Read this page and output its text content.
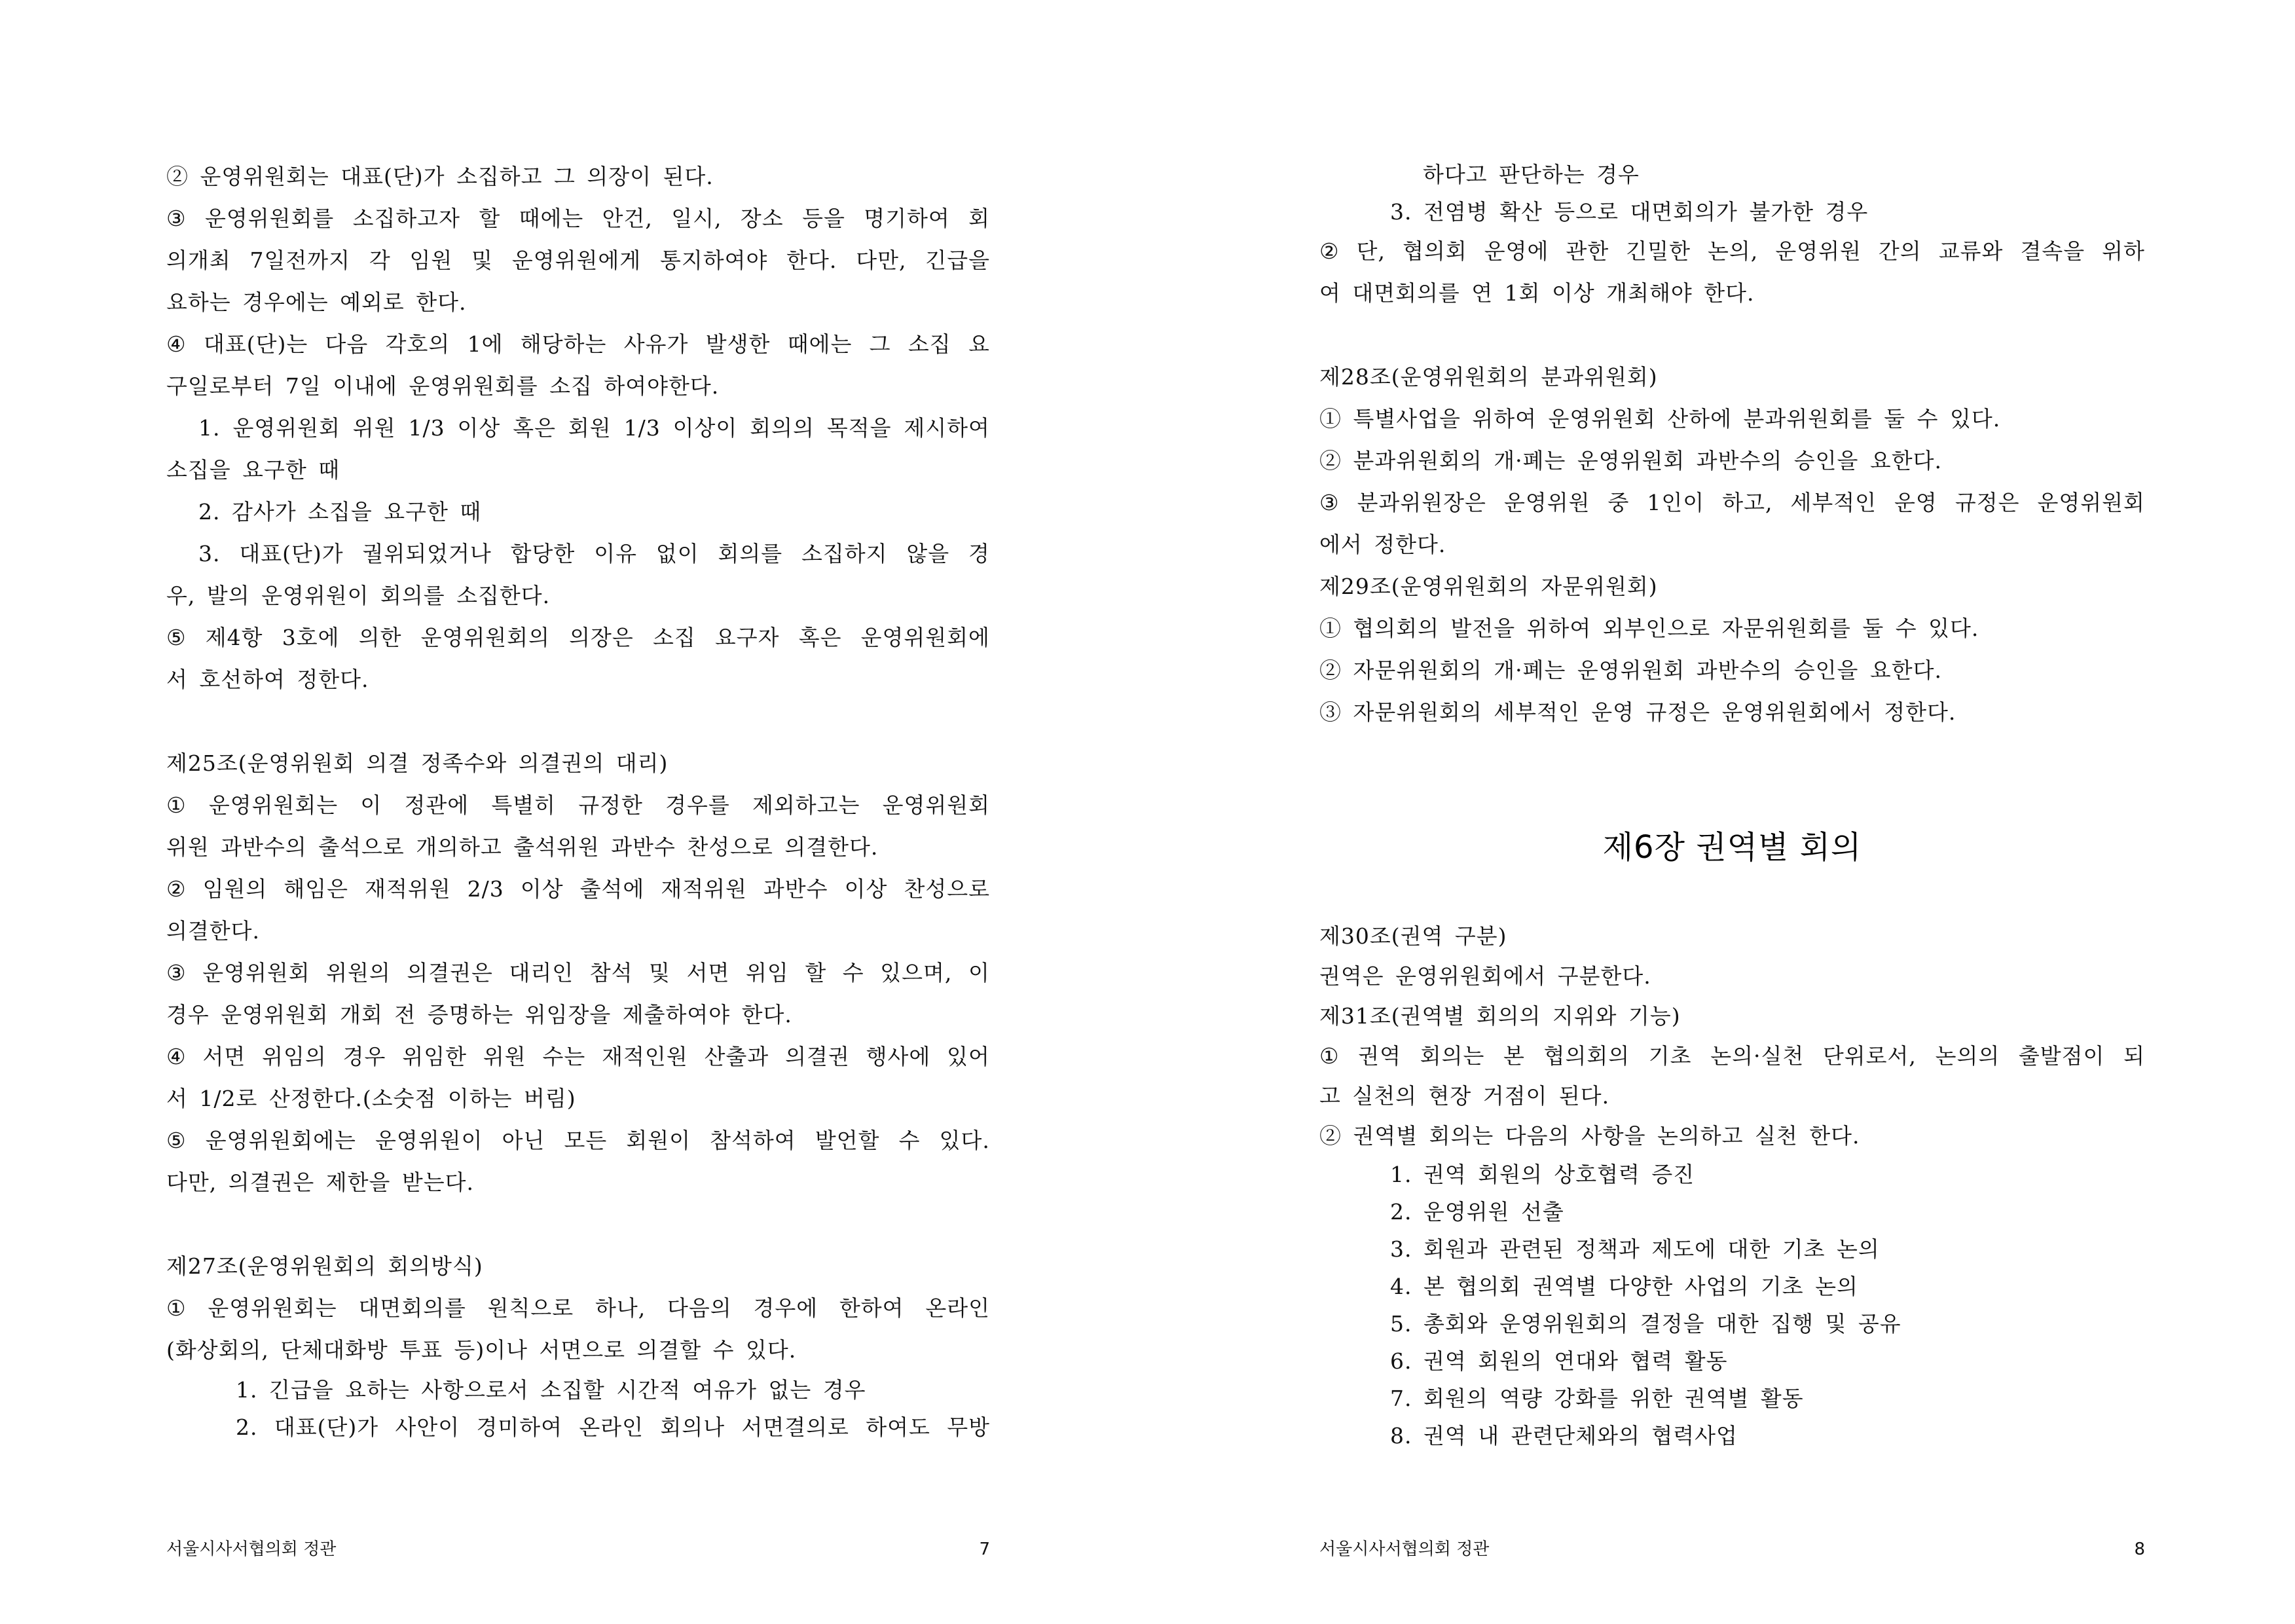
② 운영위원회는 대표(단)가 소집하고 그 의장이 된다.
③ 운영위원회를 소집하고자 할 때에는 안건, 일시, 장소 등을 명기하여 회
의개최 7일전까지 각 임원 및 운영위원에게 통지하여야 한다. 다만, 긴급을
요하는 경우에는 예외로 한다.
④ 대표(단)는 다음 각호의 1에 해당하는 사유가 발생한 때에는 그 소집 요
구일로부터 7일 이내에 운영위원회를 소집 하여야한다.
1. 운영위원회 위원 1/3 이상 혹은 회원 1/3 이상이 회의의 목적을 제시하여
소집을 요구한 때
2. 감사가 소집을 요구한 때
3. 대표(단)가 궐위되었거나 합당한 이유 없이 회의를 소집하지 않을 경
우, 발의 운영위원이 회의를 소집한다.
⑤ 제4항 3호에 의한 운영위원회의 의장은 소집 요구자 혹은 운영위원회에
서 호선하여 정한다.
제25조(운영위원회 의결 정족수와 의결권의 대리)
① 운영위원회는 이 정관에 특별히 규정한 경우를 제외하고는 운영위원회
위원 과반수의 출석으로 개의하고 출석위원 과반수 찬성으로 의결한다.
② 임원의 해임은 재적위원 2/3 이상 출석에 재적위원 과반수 이상 찬성으로
의결한다.
③ 운영위원회 위원의 의결권은 대리인 참석 및 서면 위임 할 수 있으며, 이
경우 운영위원회 개회 전 증명하는 위임장을 제출하여야 한다.
④ 서면 위임의 경우 위임한 위원 수는 재적인원 산출과 의결권 행사에 있어
서 1/2로 산정한다.(소숫점 이하는 버림)
⑤ 운영위원회에는 운영위원이 아닌 모든 회원이 참석하여 발언할 수 있다.
다만, 의결권은 제한을 받는다.
제27조(운영위원회의 회의방식)
① 운영위원회는 대면회의를 원칙으로 하나, 다음의 경우에 한하여 온라인
(화상회의, 단체대화방 투표 등)이나 서면으로 의결할 수 있다.
1. 긴급을 요하는 사항으로서 소집할 시간적 여유가 없는 경우
2. 대표(단)가 사안이 경미하여 온라인 회의나 서면결의로 하여도 무방
서울시사서협의회 정관	7
하다고 판단하는 경우
3. 전염병 확산 등으로 대면회의가 불가한 경우
② 단, 협의회 운영에 관한 긴밀한 논의, 운영위원 간의 교류와 결속을 위하
여 대면회의를 연 1회 이상 개최해야 한다.
제28조(운영위원회의 분과위원회)
① 특별사업을 위하여 운영위원회 산하에 분과위원회를 둘 수 있다.
② 분과위원회의 개·폐는 운영위원회 과반수의 승인을 요한다.
③ 분과위원장은 운영위원 중 1인이 하고, 세부적인 운영 규정은 운영위원회
에서 정한다.
제29조(운영위원회의 자문위원회)
① 협의회의 발전을 위하여 외부인으로 자문위원회를 둘 수 있다.
② 자문위원회의 개·폐는 운영위원회 과반수의 승인을 요한다.
③ 자문위원회의 세부적인 운영 규정은 운영위원회에서 정한다.
제6장 권역별 회의
제30조(권역 구분)
권역은 운영위원회에서 구분한다.
제31조(권역별 회의의 지위와 기능)
① 권역 회의는 본 협의회의 기초 논의·실천 단위로서, 논의의 출발점이 되
고 실천의 현장 거점이 된다.
② 권역별 회의는 다음의 사항을 논의하고 실천 한다.
1. 권역 회원의 상호협력 증진
2. 운영위원 선출
3. 회원과 관련된 정책과 제도에 대한 기초 논의
4. 본 협의회 권역별 다양한 사업의 기초 논의
5. 총회와 운영위원회의 결정을 대한 집행 및 공유
6. 권역 회원의 연대와 협력 활동
7. 회원의 역량 강화를 위한 권역별 활동
8. 권역 내 관련단체와의 협력사업
서울시사서협의회 정관	8
